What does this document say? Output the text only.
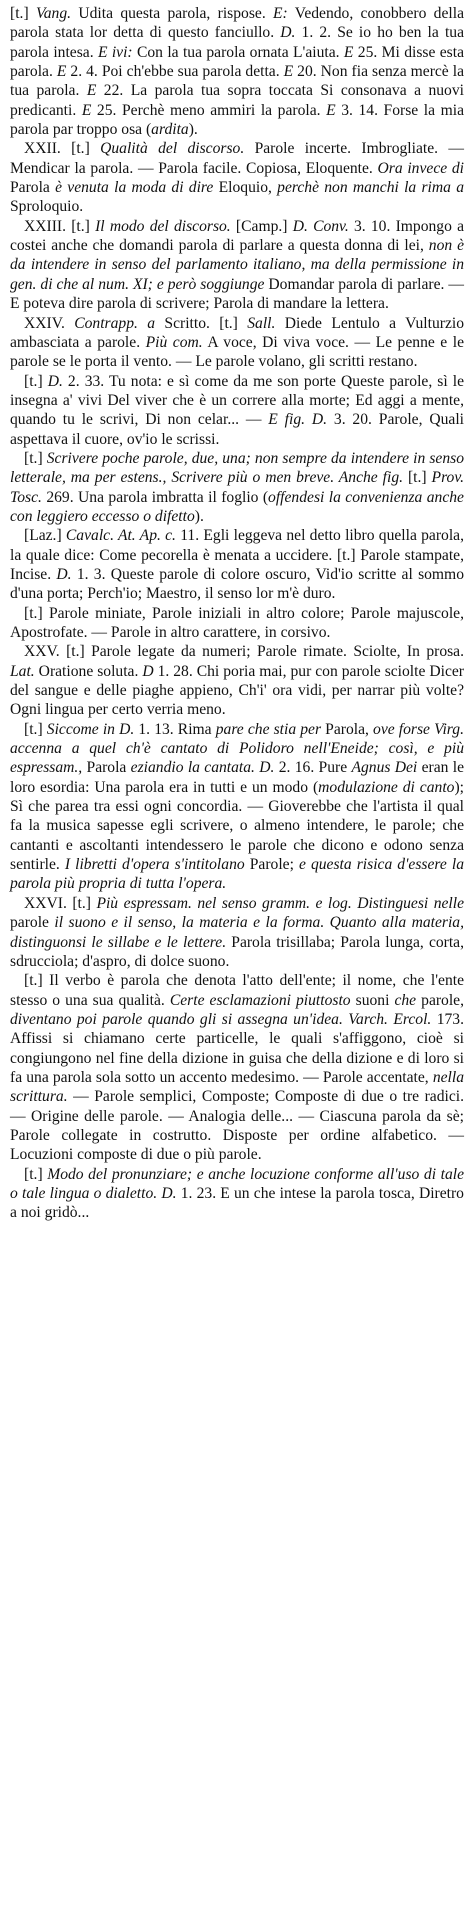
[t.] Vang. Udita questa parola, rispose. E: Vedendo, conobbero della parola stata lor detta di questo fanciullo. D. 1. 2. Se io ho ben la tua parola intesa. E ivi: Con la tua parola ornata L'aiuta. E 25. Mi disse esta parola. E 2. 4. Poi ch'ebbe sua parola detta. E 20. Non fia senza mercè la tua parola. E 22. La parola tua sopra toccata Si consonava a nuovi predicanti. E 25. Perchè meno ammiri la parola. E 3. 14. Forse la mia parola par troppo osa (ardita).
XXII. [t.] Qualità del discorso. Parole incerte. Imbrogliate. — Mendicar la parola. — Parola facile. Copiosa, Eloquente. Ora invece di Parola è venuta la moda di dire Eloquio, perchè non manchi la rima a Sproloquio.
XXIII. [t.] Il modo del discorso. [Camp.] D. Conv. 3. 10. Impongo a costei anche che domandi parola di parlare a questa donna di lei, non è da intendere in senso del parlamento italiano, ma della permissione in gen. di che al num. XI; e però soggiunge Domandar parola di parlare. — E poteva dire parola di scrivere; Parola di mandare la lettera.
XXIV. Contrapp. a Scritto. [t.] Sall. Diede Lentulo a Vulturzio ambasciata a parole. Più com. A voce, Di viva voce. — Le penne e le parole se le porta il vento. — Le parole volano, gli scritti restano.
[t.] D. 2. 33. Tu nota: e sì come da me son porte Queste parole, sì le insegna a' vivi Del viver che è un correre alla morte; Ed aggi a mente, quando tu le scrivi, Di non celar... — E fig. D. 3. 20. Parole, Quali aspettava il cuore, ov'io le scrissi.
[t.] Scrivere poche parole, due, una; non sempre da intendere in senso letterale, ma per estens., Scrivere più o men breve. Anche fig. [t.] Prov. Tosc. 269. Una parola imbratta il foglio (offendesi la convenienza anche con leggiero eccesso o difetto).
[Laz.] Cavalc. At. Ap. c. 11. Egli leggeva nel detto libro quella parola, la quale dice: Come pecorella è menata a uccidere. [t.] Parole stampate, Incise. D. 1. 3. Queste parole di colore oscuro, Vid'io scritte al sommo d'una porta; Perch'io; Maestro, il senso lor m'è duro.
[t.] Parole miniate, Parole iniziali in altro colore; Parole majuscole, Apostrofate. — Parole in altro carattere, in corsivo.
XXV. [t.] Parole legate da numeri; Parole rimate. Sciolte, In prosa. Lat. Oratione soluta. D 1. 28. Chi poria mai, pur con parole sciolte Dicer del sangue e delle piaghe appieno, Ch'i' ora vidi, per narrar più volte? Ogni lingua per certo verria meno.
[t.] Siccome in D. 1. 13. Rima pare che stia per Parola, ove forse Virg. accenna a quel ch'è cantato di Polidoro nell'Eneide; così, e più espressam., Parola eziandio la cantata. D. 2. 16. Pure Agnus Dei eran le loro esordia: Una parola era in tutti e un modo (modulazione di canto); Sì che parea tra essi ogni concordia. — Gioverebbe che l'artista il qual fa la musica sapesse egli scrivere, o almeno intendere, le parole; che cantanti e ascoltanti intendessero le parole che dicono e odono senza sentirle. I libretti d'opera s'intitolano Parole; e questa risica d'essere la parola più propria di tutta l'opera.
XXVI. [t.] Più espressam. nel senso gramm. e log. Distinguesi nelle parole il suono e il senso, la materia e la forma. Quanto alla materia, distinguonsi le sillabe e le lettere. Parola trisillaba; Parola lunga, corta, sdrucciola; d'aspro, di dolce suono.
[t.] Il verbo è parola che denota l'atto dell'ente; il nome, che l'ente stesso o una sua qualità. Certe esclamazioni piuttosto suoni che parole, diventano poi parole quando gli si assegna un'idea. Varch. Ercol. 173. Affissi si chiamano certe particelle, le quali s'affiggono, cioè si congiungono nel fine della dizione in guisa che della dizione e di loro si fa una parola sola sotto un accento medesimo. — Parole accentate, nella scrittura. — Parole semplici, Composte; Composte di due o tre radici. — Origine delle parole. — Analogia delle... — Ciascuna parola da sè; Parole collegate in costrutto. Disposte per ordine alfabetico. — Locuzioni composte di due o più parole.
[t.] Modo del pronunziare; e anche locuzione conforme all'uso di tale o tale lingua o dialetto. D. 1. 23. E un che intese la parola tosca, Diretro a noi gridò...
